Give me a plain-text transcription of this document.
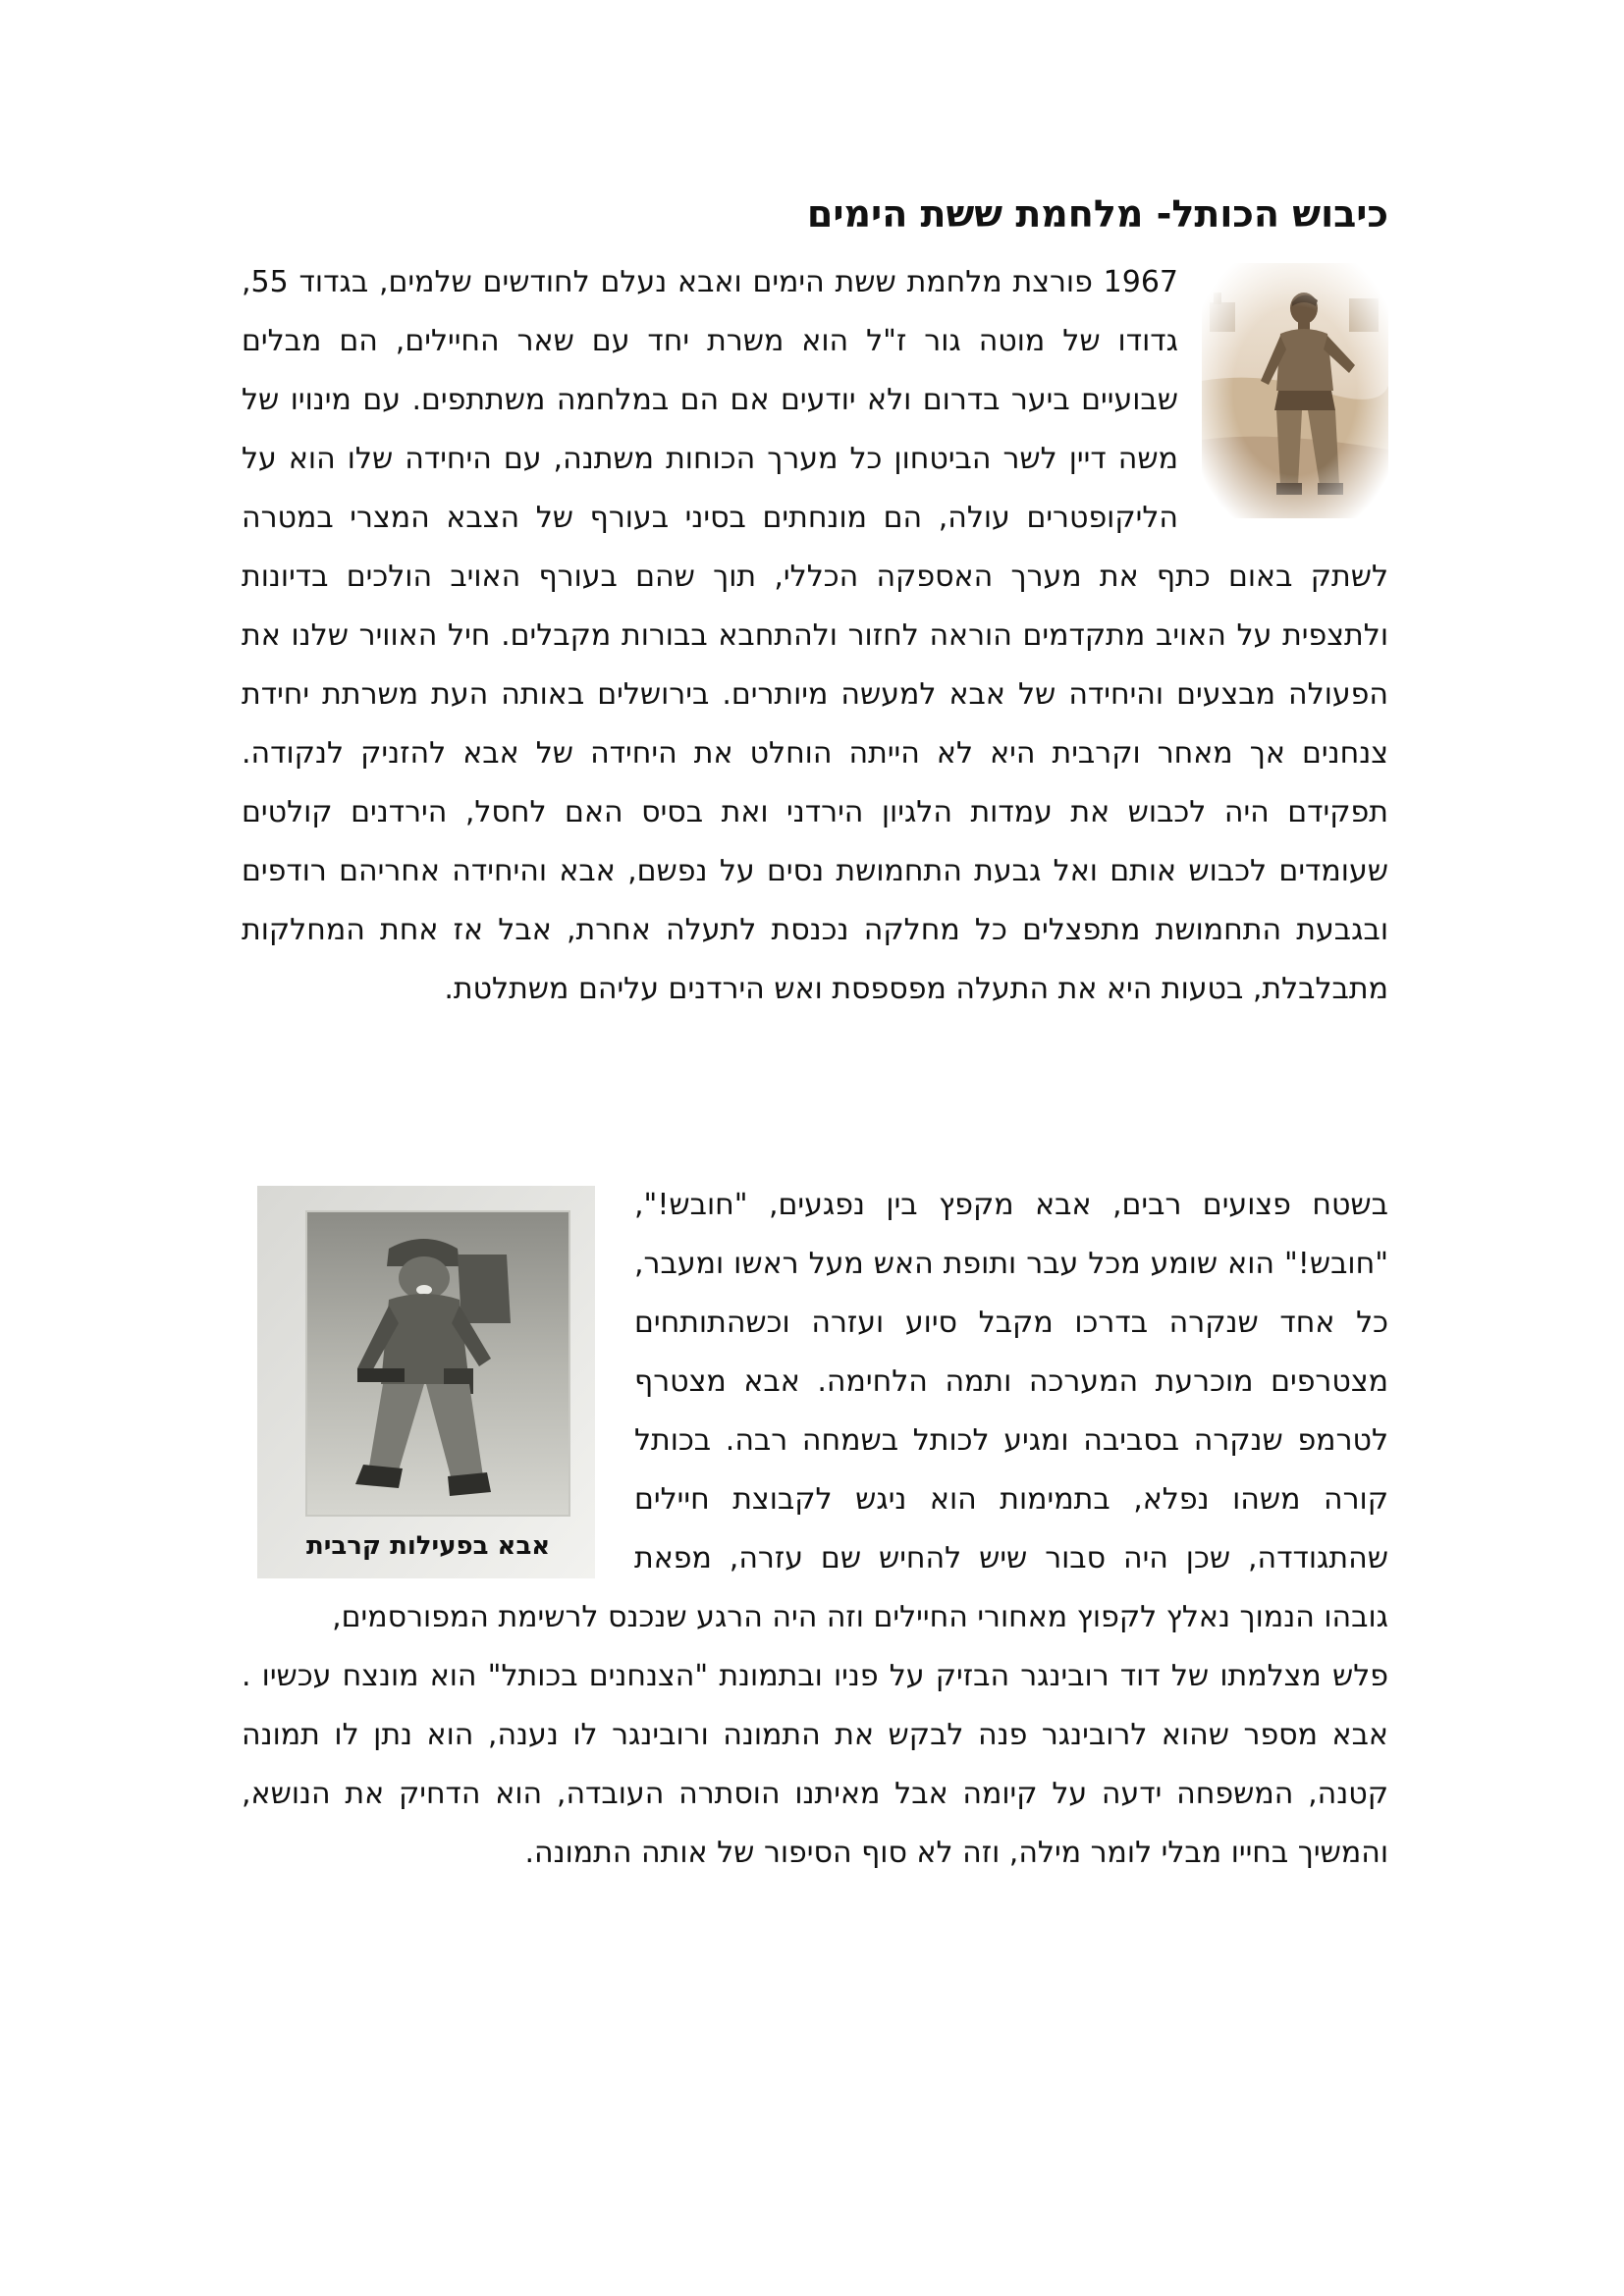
כיבוש הכותל- מלחמת ששת הימים

1967 פורצת מלחמת ששת הימים ואבא נעלם לחודשים שלמים, בגדוד 55, גדודו של מוטה גור ז"ל הוא משרת יחד עם שאר החיילים, הם מבלים שבועיים ביער בדרום ולא יודעים אם הם במלחמה משתתפים. עם מינויו של משה דיין לשר הביטחון כל מערך הכוחות משתנה, עם היחידה שלו הוא על הליקופטרים עולה, הם מונחתים בסיני בעורף של הצבא המצרי במטרה לשתק באום כתף את מערך האספקה הכללי, תוך שהם בעורף האויב הולכים בדיונות ולתצפית על האויב מתקדמים הוראה לחזור ולהתחבא בבורות מקבלים. חיל האוויר שלנו את הפעולה מבצעים והיחידה של אבא למעשה מיותרים. בירושלים באותה העת משרתת יחידת צנחנים אך מאחר וקרבית היא לא הייתה הוחלט את היחידה של אבא להזניק לנקודה. תפקידם היה לכבוש את עמדות הלגיון הירדני ואת בסיס האם לחסל, הירדנים קולטים שעומדים לכבוש אותם ואל גבעת התחמושת נסים על נפשם, אבא והיחידה אחריהם רודפים ובגבעת התחמושת מתפצלים כל מחלקה נכנסת לתעלה אחרת, אבל אז אחת המחלקות מתבלבלת, בטעות היא את התעלה מפספסת ואש הירדנים עליהם משתלטת.

אבא בפעילות קרבית

בשטח פצועים רבים, אבא מקפץ בין נפגעים, "חובש!", "חובש!" הוא שומע מכל עבר ותופת האש מעל ראשו ומעבר, כל אחד שנקרה בדרכו מקבל סיוע ועזרה וכשהתותחים מצטרפים מוכרעת המערכה ותמה הלחימה. אבא מצטרף לטרמפ שנקרה בסביבה ומגיע לכותל בשמחה רבה. בכותל קורה משהו נפלא, בתמימות הוא ניגש לקבוצת חיילים שהתגודדה, שכן היה סבור שיש להחיש שם עזרה, מפאת גובהו הנמוך נאלץ לקפוץ מאחורי החיילים וזה היה הרגע שנכנס לרשימת המפורסמים,

פלש מצלמתו של דוד רובינגר הבזיק על פניו ובתמונת "הצנחנים בכותל" הוא מונצח עכשיו . אבא מספר שהוא לרובינגר פנה לבקש את התמונה ורובינגר לו נענה, הוא נתן לו תמונה קטנה, המשפחה ידעה על קיומה אבל מאיתנו הוסתרה העובדה, הוא הדחיק את הנושא, והמשיך בחייו מבלי לומר מילה, וזה לא סוף הסיפור של אותה התמונה.
